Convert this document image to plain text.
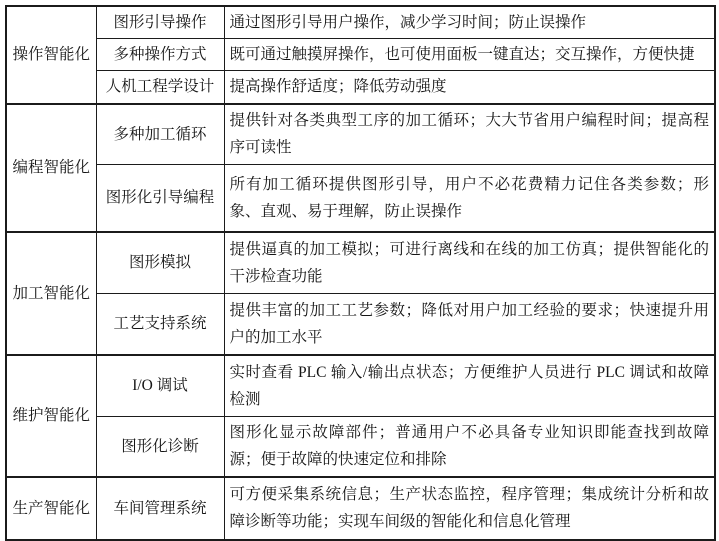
操作智能化	图形引导操作	通过图形引导用户操作，减少学习时间；防止误操作
	多种操作方式	既可通过触摸屏操作，也可使用面板一键直达；交互操作，方便快捷
	人机工程学设计	提高操作舒适度；降低劳动强度
编程智能化	多种加工循环	提供针对各类典型工序的加工循环；大大节省用户编程时间；提高程序可读性
	图形化引导编程	所有加工循环提供图形引导，用户不必花费精力记住各类参数；形象、直观、易于理解，防止误操作
加工智能化	图形模拟	提供逼真的加工模拟；可进行离线和在线的加工仿真；提供智能化的干涉检查功能
	工艺支持系统	提供丰富的加工工艺参数；降低对用户加工经验的要求；快速提升用户的加工水平
维护智能化	I/O 调试	实时查看 PLC 输入/输出点状态；方便维护人员进行 PLC 调试和故障检测
	图形化诊断	图形化显示故障部件；普通用户不必具备专业知识即能查找到故障源；便于故障的快速定位和排除
生产智能化	车间管理系统	可方便采集系统信息；生产状态监控，程序管理；集成统计分析和故障诊断等功能；实现车间级的智能化和信息化管理
